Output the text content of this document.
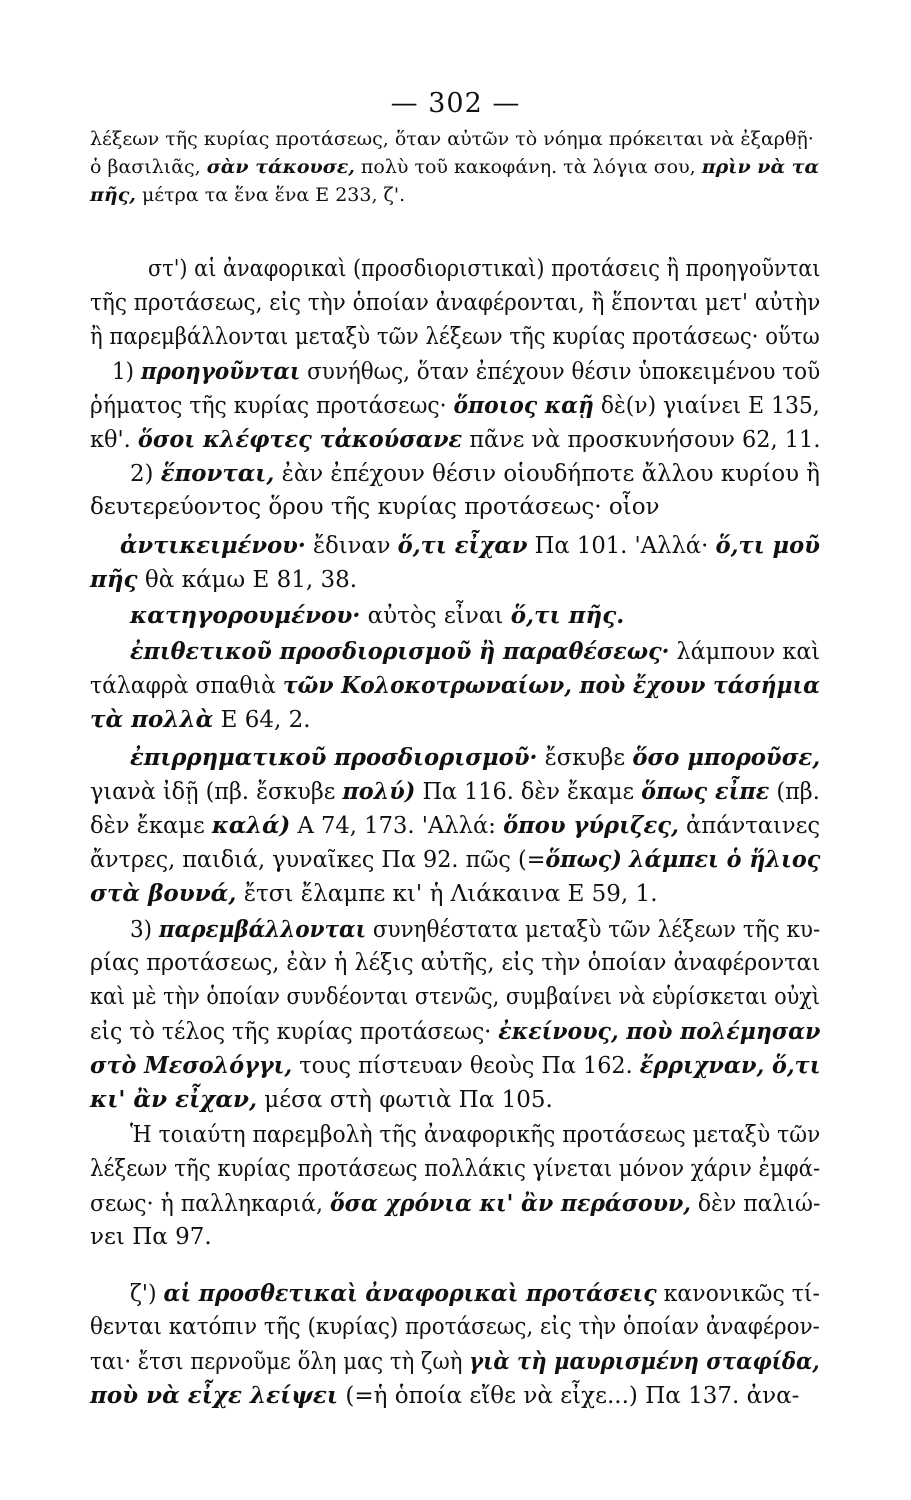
— 302 —
λέξεων τῆς κυρίας προτάσεως, ὅταν αὐτῶν τὸ νόημα πρόκειται νὰ ἐξαρθῇ·
ὁ βασιλιᾶς, σὰν τάκουσε, πολὺ τοῦ κακοφάνη. τὰ λόγια σου, πρὶν νὰ τα
πῆς, μέτρα τα ἕνα ἕνα Ε 233, ζ'.
στ') αἱ ἀναφορικαὶ (προσδιοριστικαὶ) προτάσεις ἢ προηγοῦνται
τῆς προτάσεως, εἰς τὴν ὁποίαν ἀναφέρονται, ἢ ἕπονται μετ' αὐτὴν
ἢ παρεμβάλλονται μεταξὺ τῶν λέξεων τῆς κυρίας προτάσεως· οὕτω
1) προηγοῦνται συνήθως, ὅταν ἐπέχουν θέσιν ὑποκειμένου τοῦ
ῥήματος τῆς κυρίας προτάσεως· ὅποιος καῇ δὲ(ν) γιαίνει Ε 135,
κθ'. ὅσοι κλέφτες τἀκούσανε πᾶνε νὰ προσκυνήσουν 62, 11.
2) ἕπονται, ἐὰν ἐπέχουν θέσιν οἱουδήποτε ἄλλου κυρίου ἢ
δευτερεύοντος ὅρου τῆς κυρίας προτάσεως· οἷον
ἀντικειμένου· ἔδιναν ὅ,τι εἶχαν Πα 101. 'Αλλά· ὅ,τι μοῦ
πῆς θὰ κάμω Ε 81, 38.
κατηγορουμένου· αὐτὸς εἶναι ὅ,τι πῆς.
ἐπιθετικοῦ προσδιορισμοῦ ἢ παραθέσεως· λάμπουν καὶ
τάλαφρὰ σπαθιὰ τῶν Κολοκοτρωναίων, ποὺ ἔχουν τάσήμια
τὰ πολλὰ Ε 64, 2.
ἐπιρρηματικοῦ προσδιορισμοῦ· ἔσκυβε ὅσο μποροῦσε,
γιανὰ ἰδῇ (πβ. ἔσκυβε πολύ) Πα 116. δὲν ἔκαμε ὅπως εἶπε (πβ.
δὲν ἔκαμε καλά) Α 74, 173. 'Αλλά: ὅπου γύριζες, ἀπάνταινες
ἄντρες, παιδιά, γυναῖκες Πα 92. πῶς (=ὅπως) λάμπει ὁ ἥλιος
στὰ βουνά, ἔτσι ἔλαμπε κι' ἡ Λιάκαινα Ε 59, 1.
3) παρεμβάλλονται συνηθέστατα μεταξὺ τῶν λέξεων τῆς κυ-
ρίας προτάσεως, ἐὰν ἡ λέξις αὐτῆς, εἰς τὴν ὁποίαν ἀναφέρονται
καὶ μὲ τὴν ὁποίαν συνδέονται στενῶς, συμβαίνει νὰ εὑρίσκεται οὐχὶ
εἰς τὸ τέλος τῆς κυρίας προτάσεως· ἐκείνους, ποὺ πολέμησαν
στὸ Μεσολόγγι, τους πίστευαν θεοὺς Πα 162. ἔρριχναν, ὅ,τι
κι' ἂν εἶχαν, μέσα στὴ φωτιὰ Πα 105.
Ἡ τοιαύτη παρεμβολὴ τῆς ἀναφορικῆς προτάσεως μεταξὺ τῶν
λέξεων τῆς κυρίας προτάσεως πολλάκις γίνεται μόνον χάριν ἐμφά-
σεως· ἡ παλληκαριά, ὅσα χρόνια κι' ἂν περάσουν, δὲν παλιώ-
νει Πα 97.
ζ') αἱ προσθετικαὶ ἀναφορικαὶ προτάσεις κανονικῶς τί-
θενται κατόπιν τῆς (κυρίας) προτάσεως, εἰς τὴν ὁποίαν ἀναφέρον-
ται· ἔτσι περνοῦμε ὅλη μας τὴ ζωὴ γιὰ τὴ μαυρισμένη σταφίδα,
ποὺ νὰ εἶχε λείψει (=ἡ ὁποία εἴθε νὰ εἶχε...) Πα 137. ἀνα-
